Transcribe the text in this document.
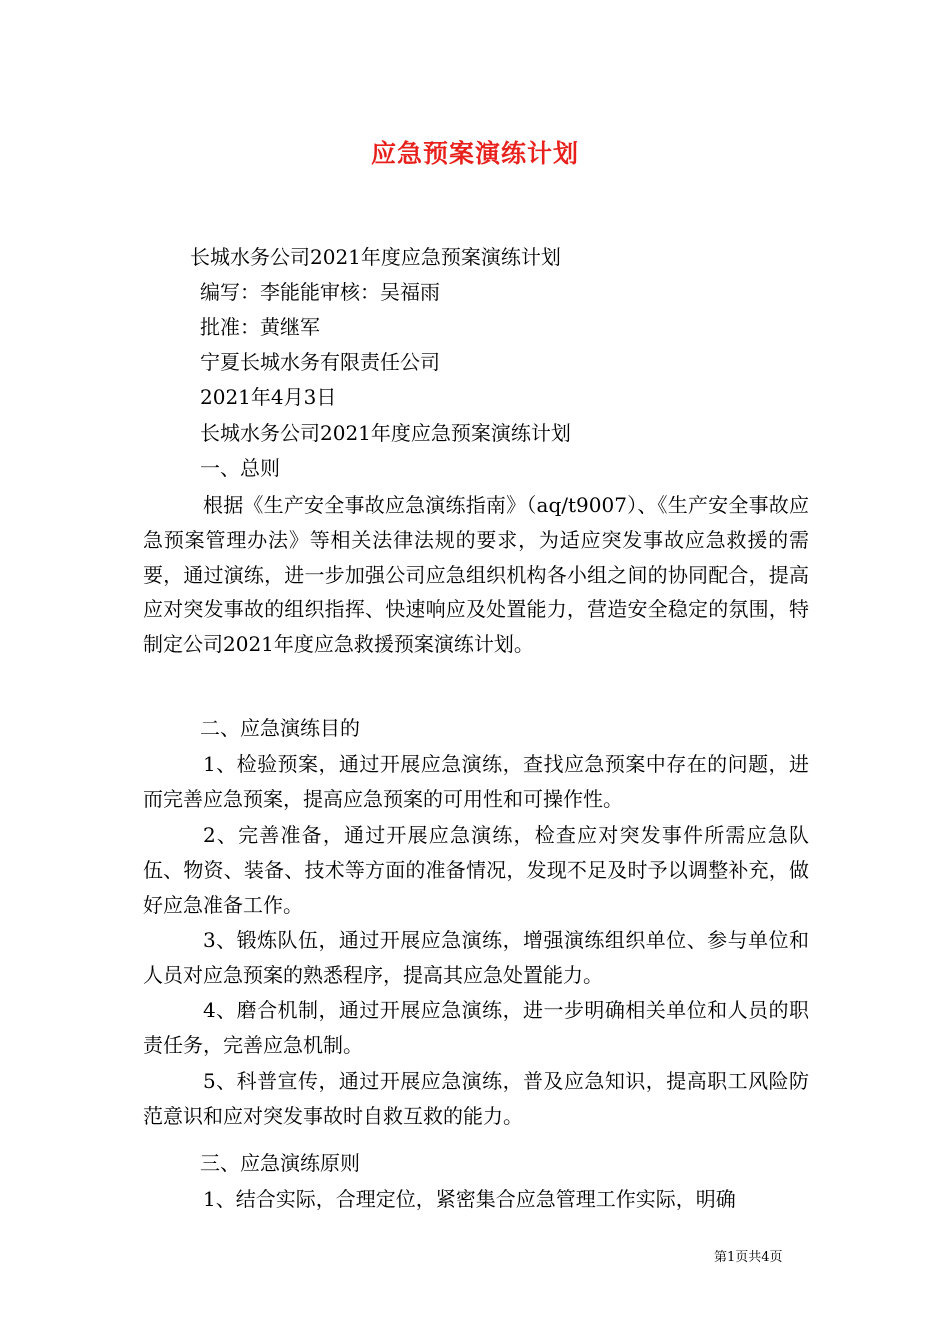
应急预案演练计划
长城水务公司2021年度应急预案演练计划
编写：李能能审核：吴福雨
批准：黄继军
宁夏长城水务有限责任公司
2021年4月3日
长城水务公司2021年度应急预案演练计划
一、总则
根据《生产安全事故应急演练指南》（aq/t9007）、《生产安全事故应急预案管理办法》等相关法律法规的要求，为适应突发事故应急救援的需要，通过演练，进一步加强公司应急组织机构各小组之间的协同配合，提高应对突发事故的组织指挥、快速响应及处置能力，营造安全稳定的氛围，特制定公司2021年度应急救援预案演练计划。
二、应急演练目的
1、检验预案，通过开展应急演练，查找应急预案中存在的问题，进而完善应急预案，提高应急预案的可用性和可操作性。
2、完善准备，通过开展应急演练，检查应对突发事件所需应急队伍、物资、装备、技术等方面的准备情况，发现不足及时予以调整补充，做好应急准备工作。
3、锻炼队伍，通过开展应急演练，增强演练组织单位、参与单位和人员对应急预案的熟悉程序，提高其应急处置能力。
4、磨合机制，通过开展应急演练，进一步明确相关单位和人员的职责任务，完善应急机制。
5、科普宣传，通过开展应急演练，普及应急知识，提高职工风险防范意识和应对突发事故时自救互救的能力。
三、应急演练原则
1、结合实际，合理定位，紧密集合应急管理工作实际，明确
第1页共4页
